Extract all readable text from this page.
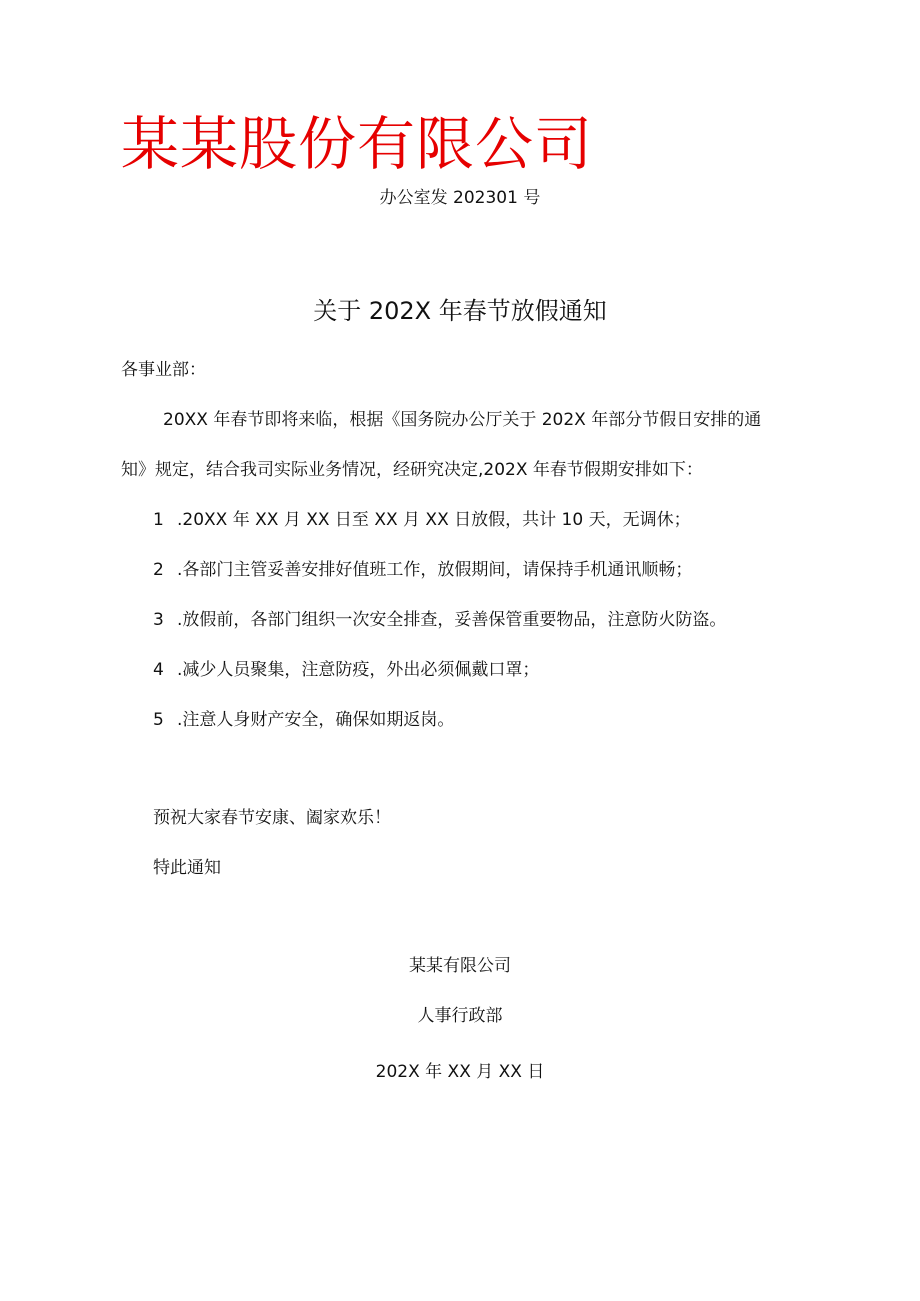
某某股份有限公司
办公室发 202301 号
关于 202X 年春节放假通知
各事业部：
20XX 年春节即将来临，根据《国务院办公厅关于 202X 年部分节假日安排的通
知》规定，结合我司实际业务情况，经研究决定,202X 年春节假期安排如下：
1 .20XX 年 XX 月 XX 日至 XX 月 XX 日放假，共计 10 天，无调休；
2 .各部门主管妥善安排好值班工作，放假期间，请保持手机通讯顺畅；
3 .放假前，各部门组织一次安全排查，妥善保管重要物品，注意防火防盗。
4 .减少人员聚集，注意防疫，外出必须佩戴口罩；
5 .注意人身财产安全，确保如期返岗。
预祝大家春节安康、阖家欢乐！
特此通知
某某有限公司
人事行政部
202X 年 XX 月 XX 日
